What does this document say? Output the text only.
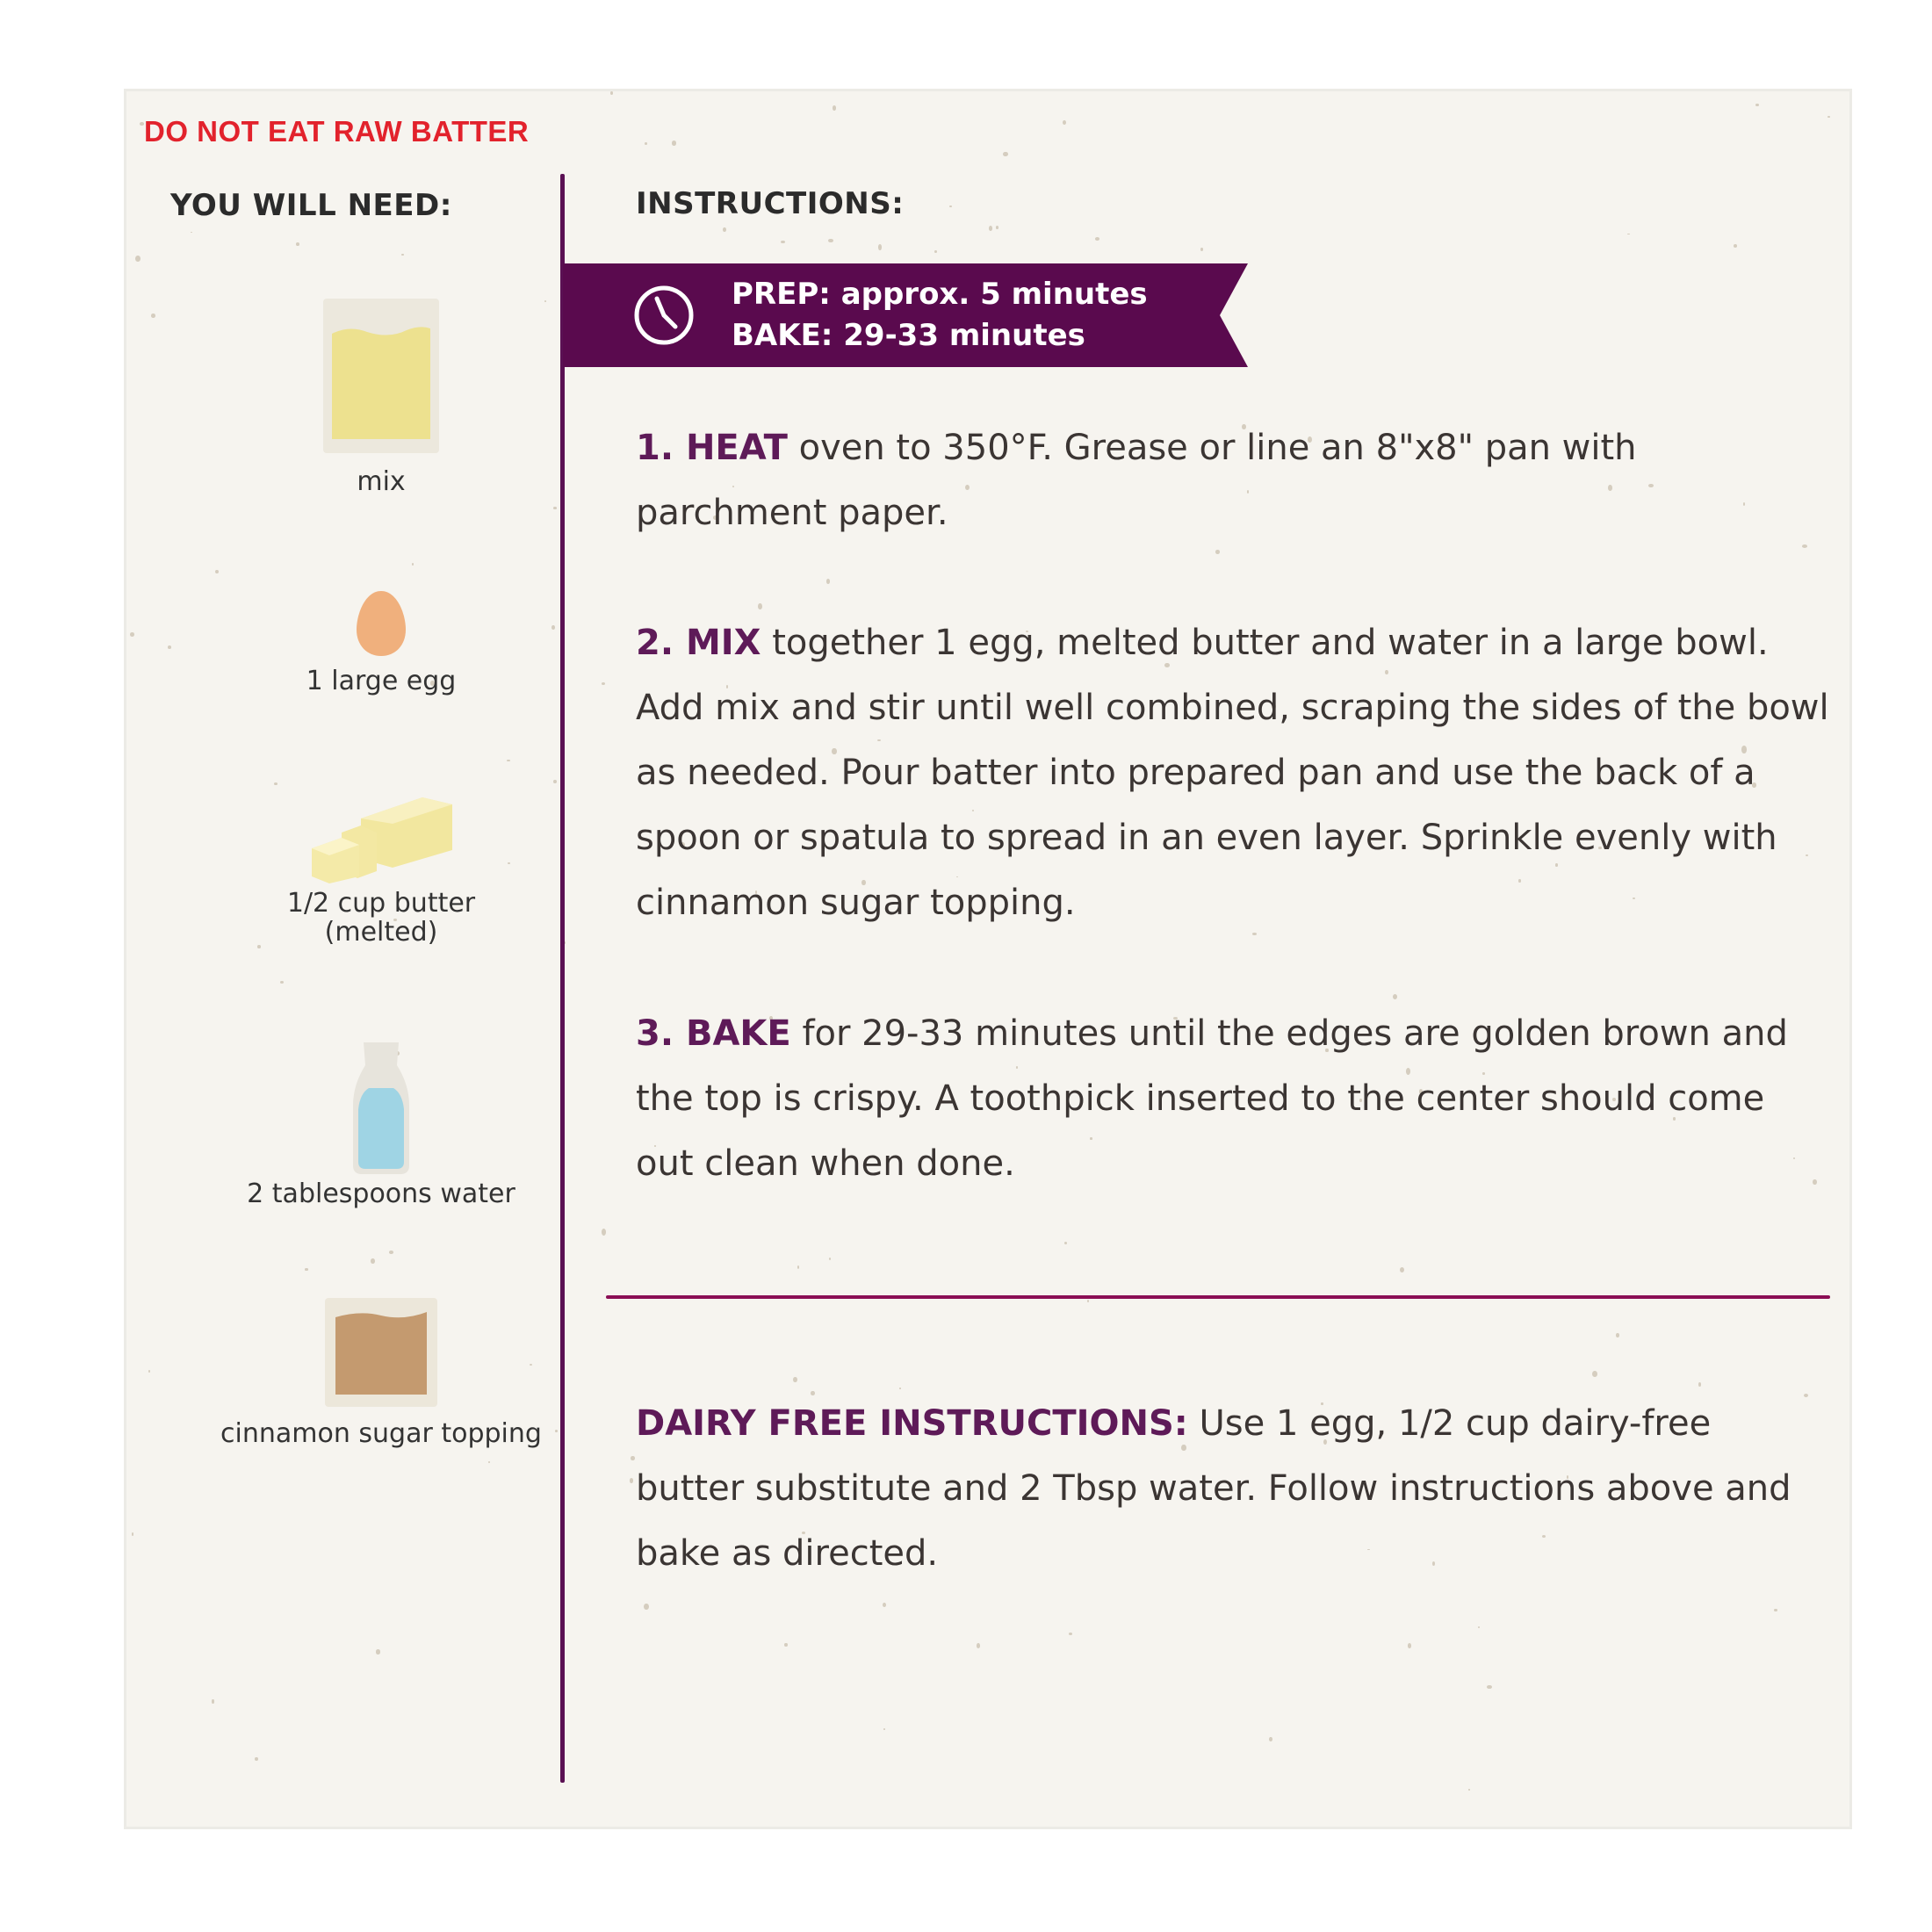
DO NOT EAT RAW BATTER

YOU WILL NEED:	INSTRUCTIONS:
mix
1 large egg
1/2 cup butter
(melted)
2 tablespoons water
cinnamon sugar topping
PREP: approx. 5 minutes
BAKE: 29-33 minutes

1. HEAT oven to 350°F. Grease or line an 8"x8" pan with parchment paper.

2. MIX together 1 egg, melted butter and water in a large bowl. Add mix and stir until well combined, scraping the sides of the bowl as needed. Pour batter into prepared pan and use the back of a spoon or spatula to spread in an even layer. Sprinkle evenly with cinnamon sugar topping.

3. BAKE for 29-33 minutes until the edges are golden brown and the top is crispy. A toothpick inserted to the center should come out clean when done.

DAIRY FREE INSTRUCTIONS: Use 1 egg, 1/2 cup dairy-free butter substitute and 2 Tbsp water. Follow instructions above and bake as directed.
